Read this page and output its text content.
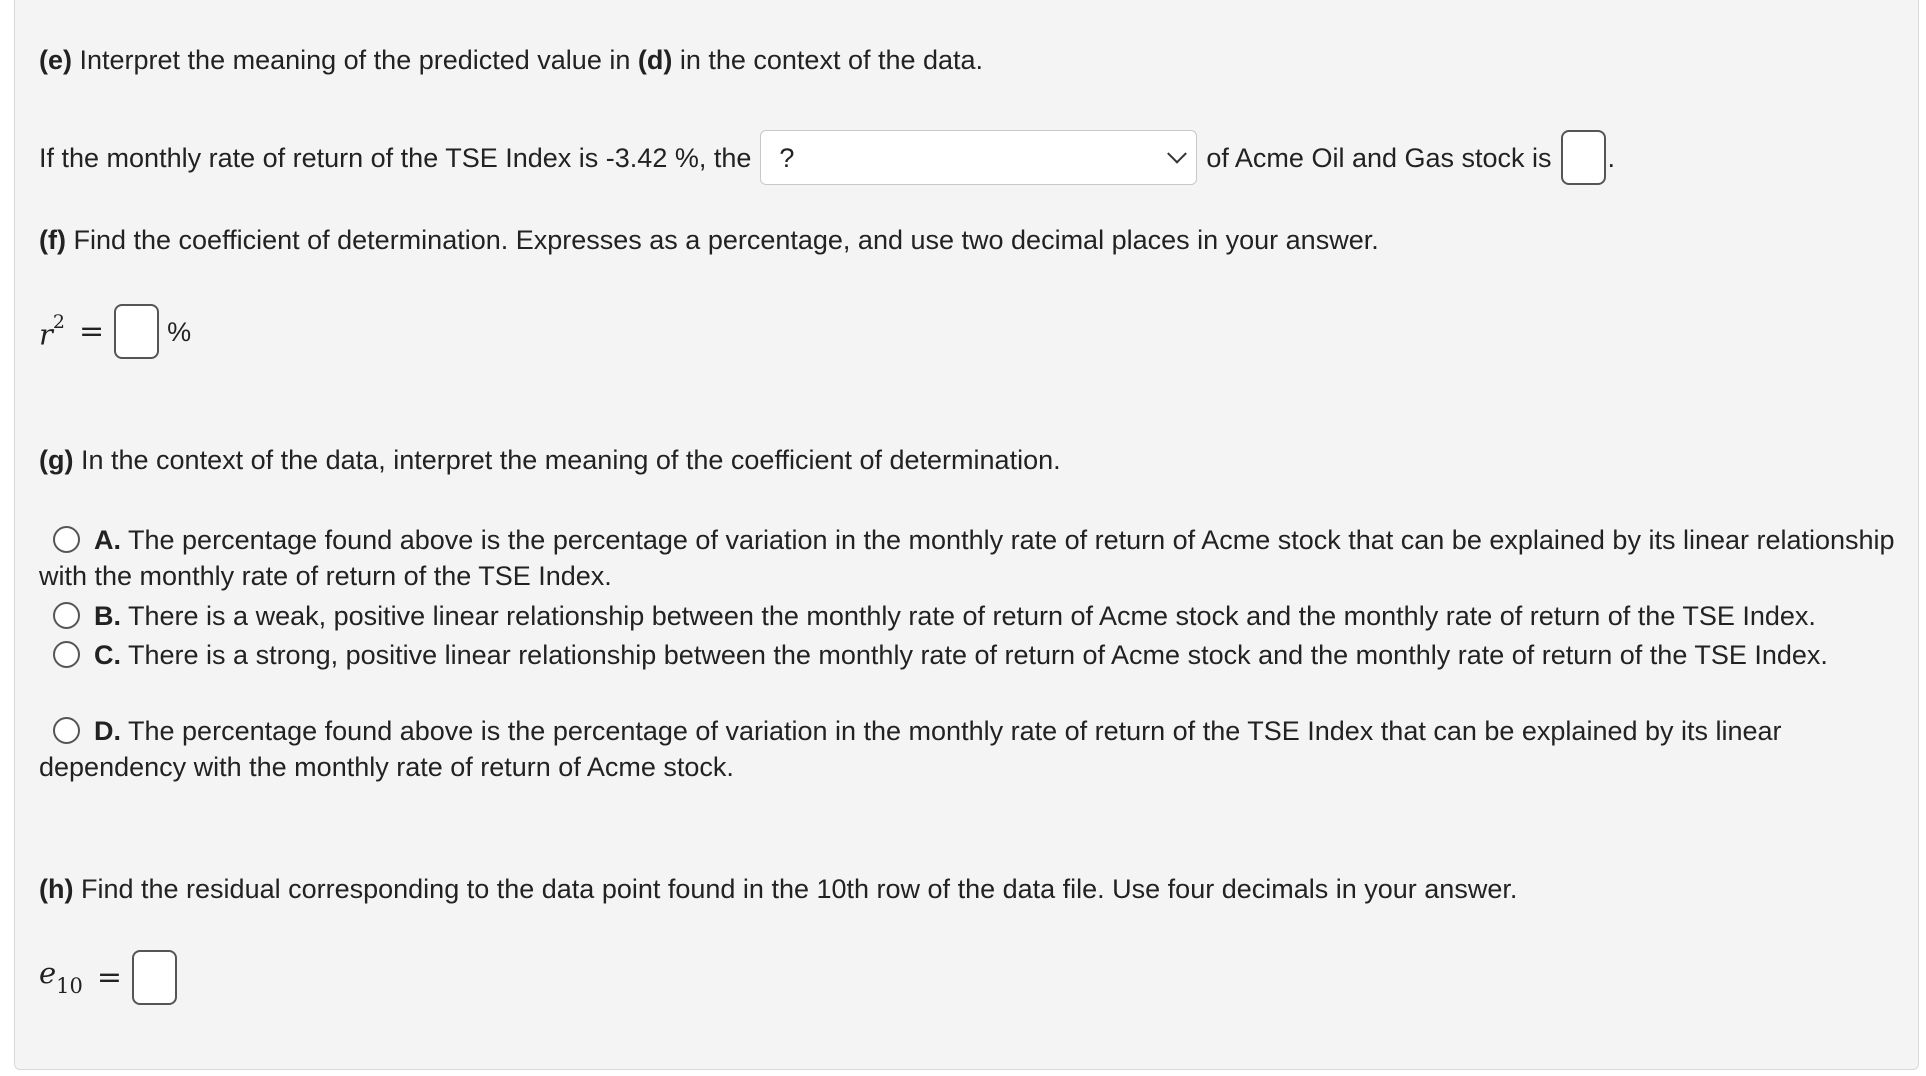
(e) Interpret the meaning of the predicted value in (d) in the context of the data.
If the monthly rate of return of the TSE Index is -3.42 %, the ?	of Acme Oil and Gas stock is .
(f) Find the coefficient of determination. Expresses as a percentage, and use two decimal places in your answer.
$r^2$ = %
(g) In the context of the data, interpret the meaning of the coefficient of determination.
A. The percentage found above is the percentage of variation in the monthly rate of return of Acme stock that can be explained by its linear relationship with the monthly rate of return of the TSE Index.
B. There is a weak, positive linear relationship between the monthly rate of return of Acme stock and the monthly rate of return of the TSE Index.
C. There is a strong, positive linear relationship between the monthly rate of return of Acme stock and the monthly rate of return of the TSE Index.
D. The percentage found above is the percentage of variation in the monthly rate of return of the TSE Index that can be explained by its linear dependency with the monthly rate of return of Acme stock.
(h) Find the residual corresponding to the data point found in the 10th row of the data file. Use four decimals in your answer.
$e_{10}$ =
